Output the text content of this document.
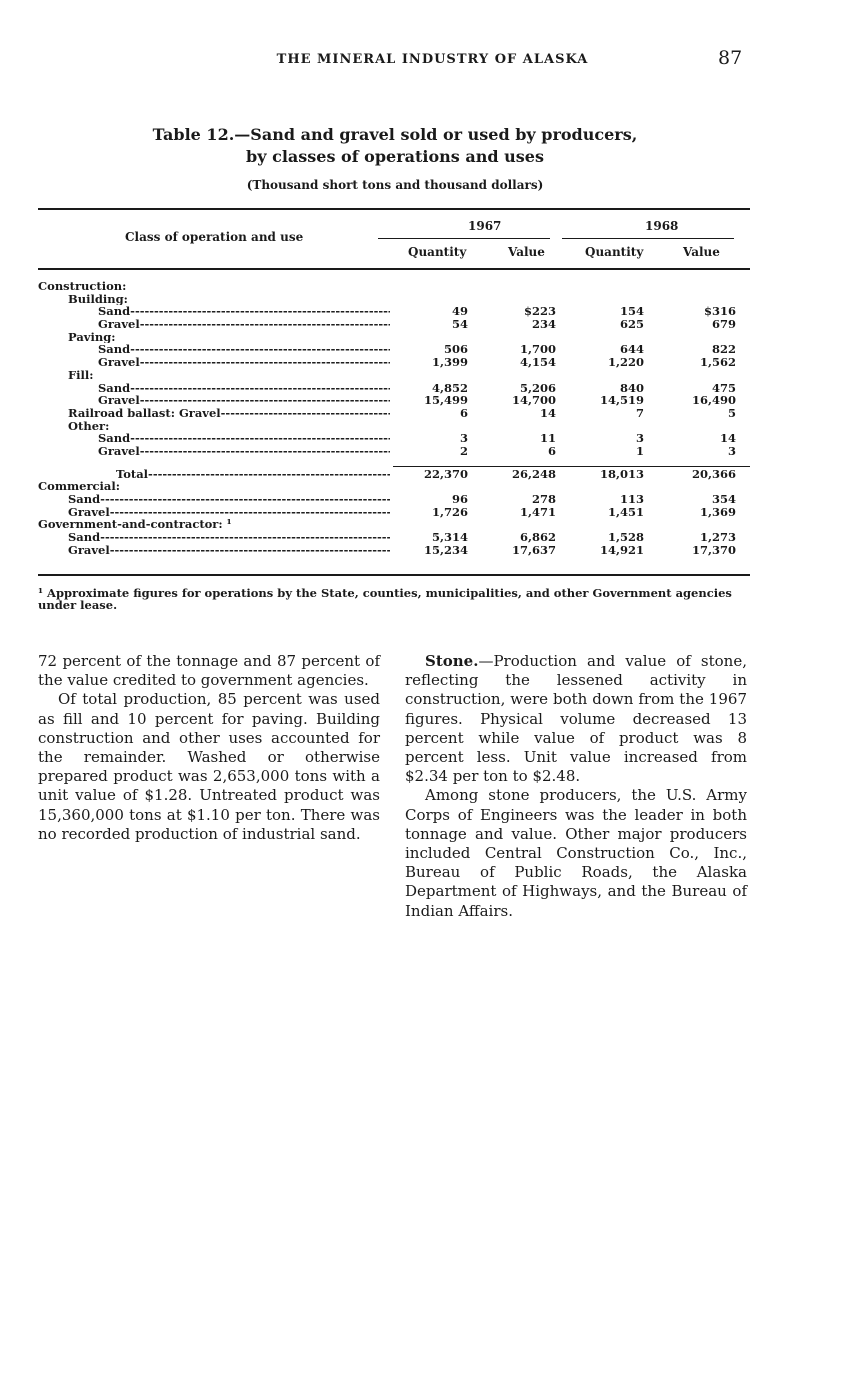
THE MINERAL INDUSTRY OF ALASKA	87
Table 12.—Sand and gravel sold or used by producers,
by classes of operations and uses
(Thousand short tons and thousand dollars)
Class of operation and use
1967	1968
Quantity	Value	Quantity	Value
Construction:
Building:
Sand -----	49	$223	154	$316
Gravel -----	54	234	625	679
Paving:
Sand -----	506	1,700	644	822
Gravel -----	1,399	4,154	1,220	1,562
Fill:
Sand -----	4,852	5,206	840	475
Gravel -----	15,499	14,700	14,519	16,490
Railroad ballast: Gravel -----	6	14	7	5
Other:
Sand -----	3	11	3	14
Gravel -----	2	6	1	3
Total -----	22,370	26,248	18,013	20,366
Commercial:
Sand -----	96	278	113	354
Gravel -----	1,726	1,471	1,451	1,369
Government-and-contractor: ¹
Sand -----	5,314	6,862	1,528	1,273
Gravel -----	15,234	17,637	14,921	17,370
¹ Approximate figures for operations by the State, counties, municipalities, and other Government agencies under lease.

72 percent of the tonnage and 87 percent of the value credited to government agencies.

Of total production, 85 percent was used as fill and 10 percent for paving. Building construction and other uses accounted for the remainder. Washed or otherwise prepared product was 2,653,000 tons with a unit value of $1.28. Untreated product was 15,360,000 tons at $1.10 per ton. There was no recorded production of industrial sand.

Stone.—Production and value of stone, reflecting the lessened activity in construction, were both down from the 1967 figures. Physical volume decreased 13 percent while value of product was 8 percent less. Unit value increased from $2.34 per ton to $2.48.

Among stone producers, the U.S. Army Corps of Engineers was the leader in both tonnage and value. Other major producers included Central Construction Co., Inc., Bureau of Public Roads, the Alaska Department of Highways, and the Bureau of Indian Affairs.
